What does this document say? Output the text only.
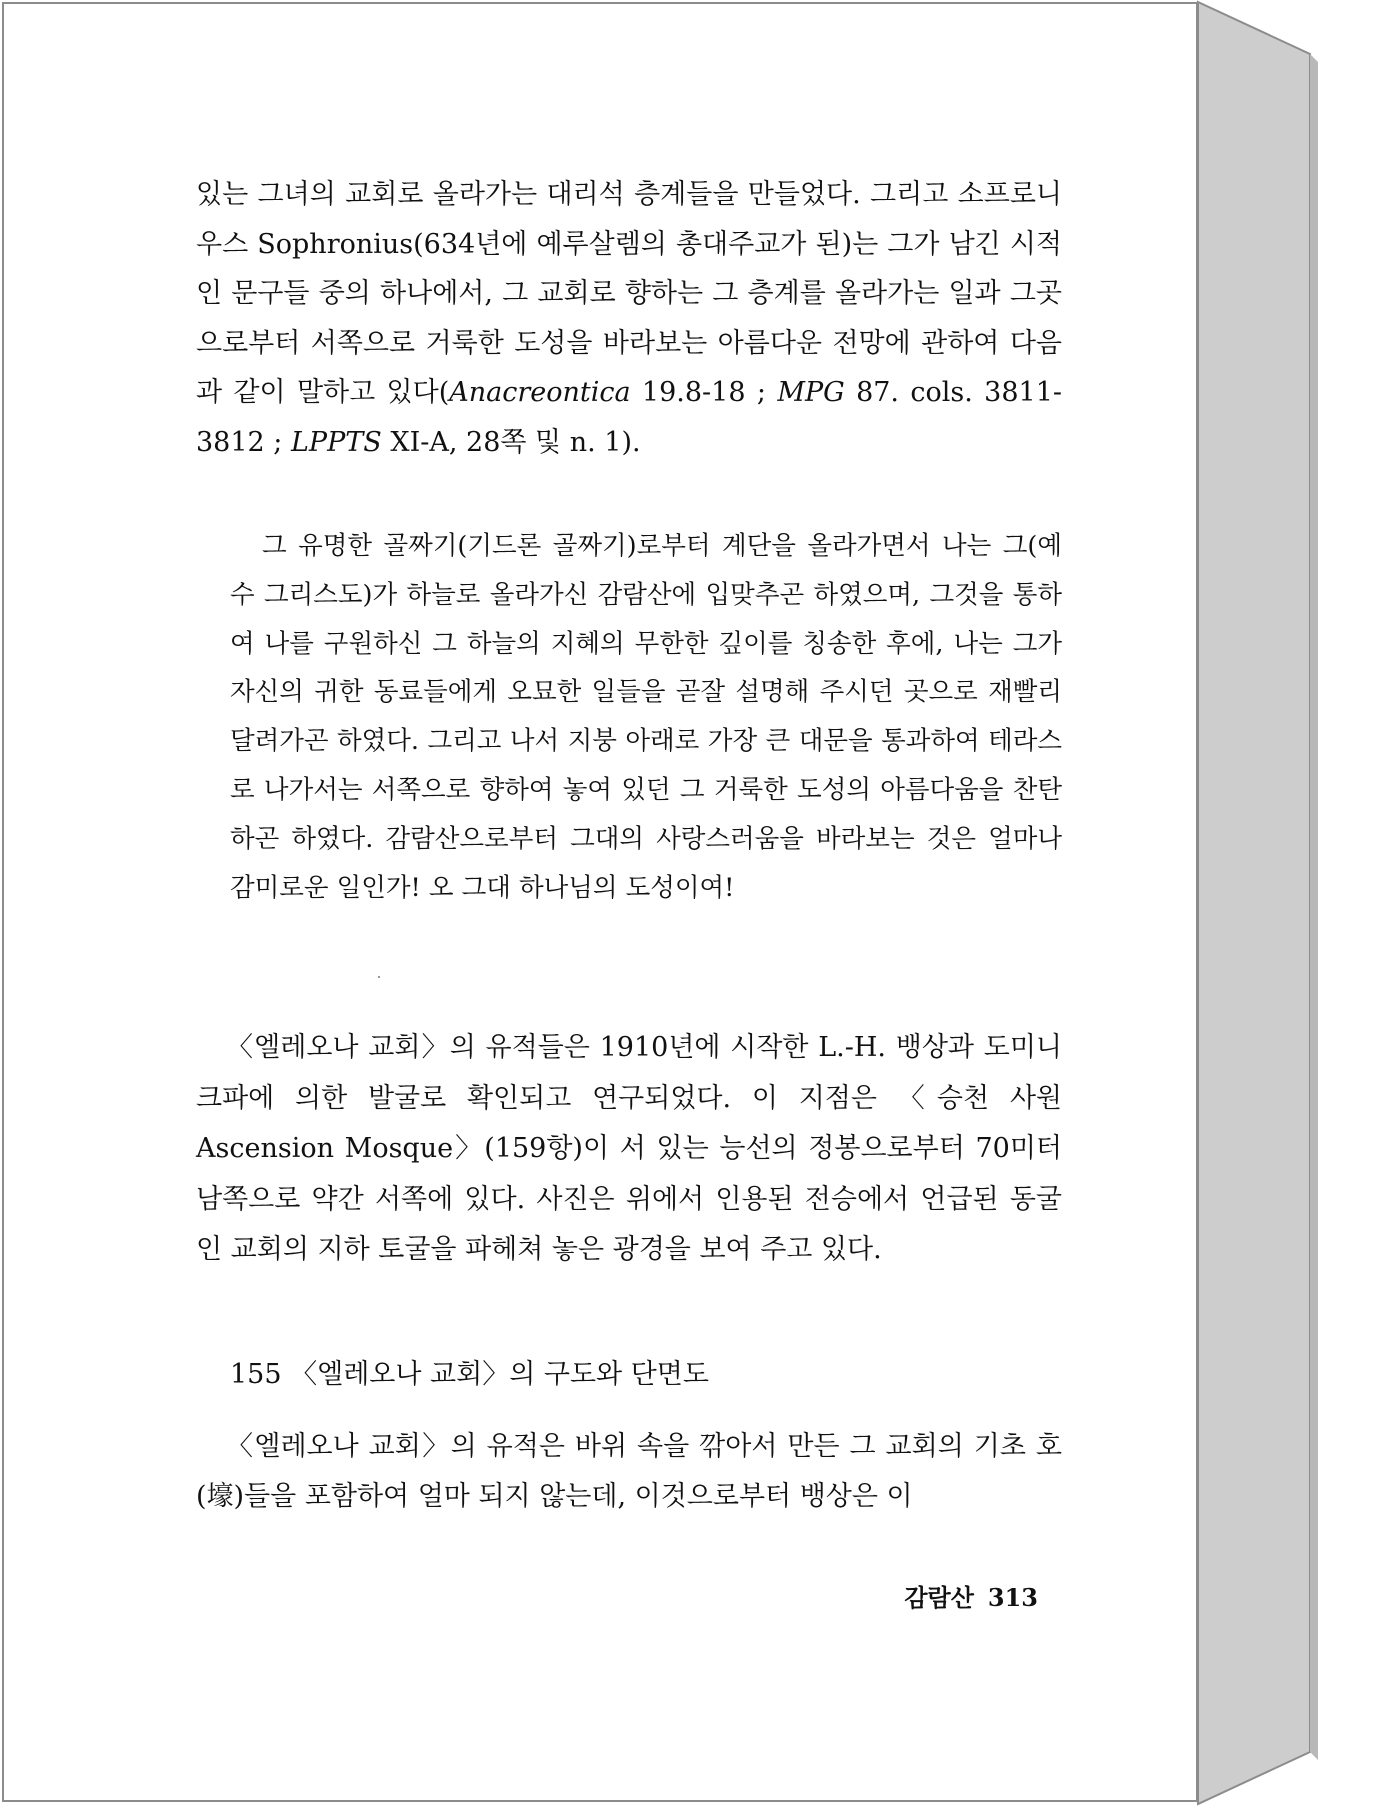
있는 그녀의 교회로 올라가는 대리석 층계들을 만들었다. 그리고 소프로니우스 Sophronius(634년에 예루살렘의 총대주교가 된)는 그가 남긴 시적인 문구들 중의 하나에서, 그 교회로 향하는 그 층계를 올라가는 일과 그곳으로부터 서쪽으로 거룩한 도성을 바라보는 아름다운 전망에 관하여 다음과 같이 말하고 있다(Anacreontica 19.8-18 ; MPG 87. cols. 3811-3812 ; LPPTS XI-A, 28쪽 및 n. 1).

그 유명한 골짜기(기드론 골짜기)로부터 계단을 올라가면서 나는 그(예수 그리스도)가 하늘로 올라가신 감람산에 입맞추곤 하였으며, 그것을 통하여 나를 구원하신 그 하늘의 지혜의 무한한 깊이를 칭송한 후에, 나는 그가 자신의 귀한 동료들에게 오묘한 일들을 곧잘 설명해 주시던 곳으로 재빨리 달려가곤 하였다. 그리고 나서 지붕 아래로 가장 큰 대문을 통과하여 테라스로 나가서는 서쪽으로 향하여 놓여 있던 그 거룩한 도성의 아름다움을 찬탄하곤 하였다. 감람산으로부터 그대의 사랑스러움을 바라보는 것은 얼마나 감미로운 일인가! 오 그대 하나님의 도성이여!

〈엘레오나 교회〉의 유적들은 1910년에 시작한 L.-H. 뱅상과 도미니크파에 의한 발굴로 확인되고 연구되었다. 이 지점은 〈승천 사원 Ascension Mosque〉(159항)이 서 있는 능선의 정봉으로부터 70미터 남쪽으로 약간 서쪽에 있다. 사진은 위에서 인용된 전승에서 언급된 동굴인 교회의 지하 토굴을 파헤쳐 놓은 광경을 보여 주고 있다.

155 〈엘레오나 교회〉의 구도와 단면도

〈엘레오나 교회〉의 유적은 바위 속을 깎아서 만든 그 교회의 기초 호(壕)들을 포함하여 얼마 되지 않는데, 이것으로부터 뱅상은 이

감람산 313
